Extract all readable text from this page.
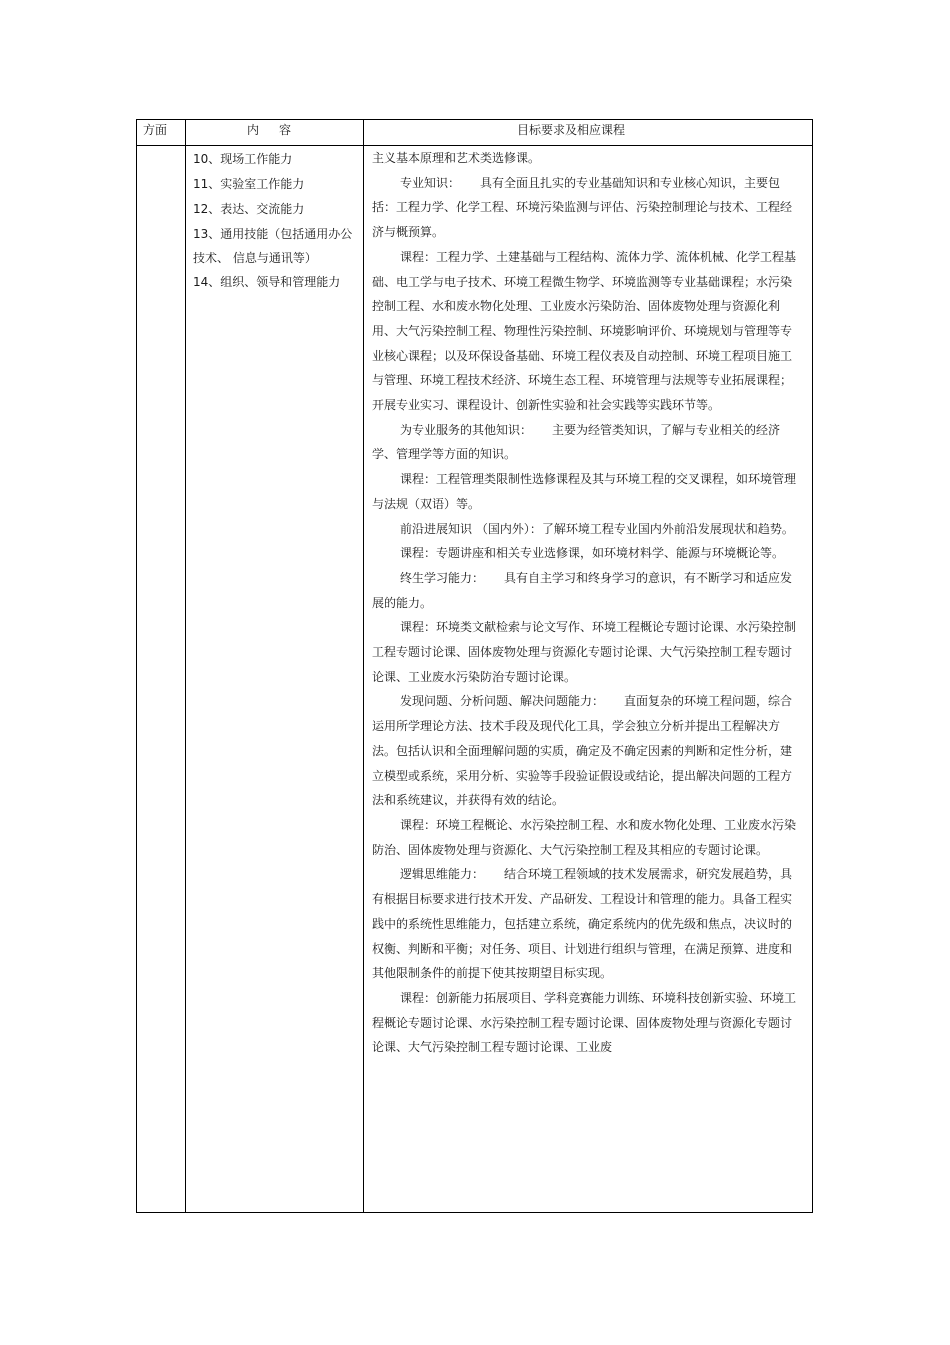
方面	内 容	目标要求及相应课程
10、现场工作能力
11、实验室工作能力
12、表达、交流能力
13、通用技能（包括通用办公技术、 信息与通讯等）
14、组织、领导和管理能力

主义基本原理和艺术类选修课。

专业知识： 具有全面且扎实的专业基础知识和专业核心知识，主要包括：工程力学、化学工程、环境污染监测与评估、污染控制理论与技术、工程经济与概预算。

课程：工程力学、土建基础与工程结构、流体力学、流体机械、化学工程基础、电工学与电子技术、环境工程微生物学、环境监测等专业基础课程；水污染控制工程、水和废水物化处理、工业废水污染防治、固体废物处理与资源化利用、大气污染控制工程、物理性污染控制、环境影响评价、环境规划与管理等专业核心课程；以及环保设备基础、环境工程仪表及自动控制、环境工程项目施工与管理、环境工程技术经济、环境生态工程、环境管理与法规等专业拓展课程；开展专业实习、课程设计、创新性实验和社会实践等实践环节等。

为专业服务的其他知识： 主要为经管类知识，了解与专业相关的经济学、管理学等方面的知识。

课程：工程管理类限制性选修课程及其与环境工程的交叉课程，如环境管理与法规（双语）等。

前沿进展知识 （国内外）：了解环境工程专业国内外前沿发展现状和趋势。

课程：专题讲座和相关专业选修课，如环境材料学、能源与环境概论等。

终生学习能力： 具有自主学习和终身学习的意识，有不断学习和适应发展的能力。

课程：环境类文献检索与论文写作、环境工程概论专题讨论课、水污染控制工程专题讨论课、固体废物处理与资源化专题讨论课、大气污染控制工程专题讨论课、工业废水污染防治专题讨论课。

发现问题、分析问题、解决问题能力： 直面复杂的环境工程问题，综合运用所学理论方法、技术手段及现代化工具，学会独立分析并提出工程解决方法。包括认识和全面理解问题的实质，确定及不确定因素的判断和定性分析，建立模型或系统，采用分析、实验等手段验证假设或结论，提出解决问题的工程方法和系统建议，并获得有效的结论。

课程：环境工程概论、水污染控制工程、水和废水物化处理、工业废水污染防治、固体废物处理与资源化、大气污染控制工程及其相应的专题讨论课。

逻辑思维能力： 结合环境工程领域的技术发展需求，研究发展趋势，具有根据目标要求进行技术开发、产品研发、工程设计和管理的能力。具备工程实践中的系统性思维能力，包括建立系统，确定系统内的优先级和焦点，决议时的权衡、判断和平衡；对任务、项目、计划进行组织与管理，在满足预算、进度和其他限制条件的前提下使其按期望目标实现。

课程：创新能力拓展项目、学科竞赛能力训练、环境科技创新实验、环境工程概论专题讨论课、水污染控制工程专题讨论课、固体废物处理与资源化专题讨论课、大气污染控制工程专题讨论课、工业废
